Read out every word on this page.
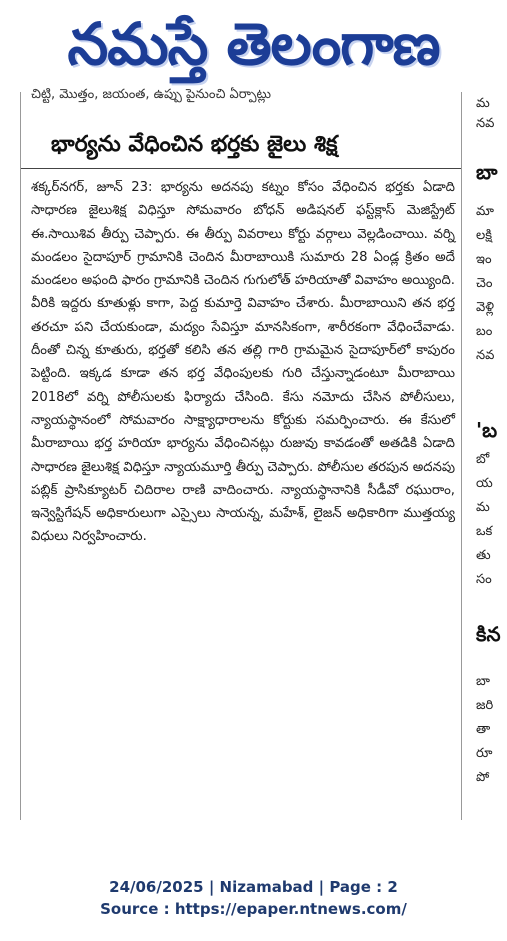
నమస్తే తెలంగాణ
చిట్టి, మొత్తం, జయంత, ఉప్పు పైనుంచి ఏర్పాట్లు
భార్యను వేధించిన భర్తకు జైలు శిక్ష

శక్కర్‌నగర్‌, జూన్‌ 23: భార్యను అదనపు కట్నం కోసం వేధించిన భర్తకు ఏడాది సాధారణ జైలుశిక్ష విధిస్తూ సోమవారం బోధన్‌ అడిషనల్‌ ఫస్ట్‌క్లాస్‌ మెజిస్ట్రేట్‌ ఈ.సాయిశివ తీర్పు చెప్పారు. ఈ తీర్పు వివరాలు కోర్టు వర్గాలు వెల్లడించాయి. వర్ని మండలం సైదాపూర్‌ గ్రామానికి చెందిన మీరాబాయికి సుమారు 28 ఏండ్ల క్రితం అదే మండలం అఫంది ఫారం గ్రామానికి చెందిన గుగులోత్‌ హరియాతో వివాహం అయ్యింది. వీరికి ఇద్దరు కూతుళ్లు కాగా, పెద్ద కుమార్తె వివాహం చేశారు. మీరాబాయిని తన భర్త తరచూ పని చేయకుండా, మద్యం సేవిస్తూ మానసికంగా, శారీరకంగా వేధించేవాడు. దీంతో చిన్న కూతురు, భర్తతో కలిసి తన తల్లి గారి గ్రామమైన సైదాపూర్‌లో కాపురం పెట్టింది. ఇక్కడ కూడా తన భర్త వేధింపులకు గురి చేస్తున్నాడంటూ మీరాబాయి 2018లో వర్ని పోలీసులకు ఫిర్యాదు చేసింది. కేసు నమోదు చేసిన పోలీసులు, న్యాయస్థానంలో సోమవారం సాక్ష్యాధారాలను కోర్టుకు సమర్పించారు. ఈ కేసులో మీరాబాయి భర్త హరియా భార్యను వేధించినట్లు రుజువు కావడంతో అతడికి ఏడాది సాధారణ జైలుశిక్ష విధిస్తూ న్యాయమూర్తి తీర్పు చెప్పారు. పోలీసుల తరపున అదనపు పబ్లిక్‌ ప్రాసిక్యూటర్‌ చిదిరాల రాణి వాదించారు. న్యాయస్థానానికి సీడీవో రఘురాం, ఇన్వెస్టిగేషన్‌ అధికారులుగా ఎస్సైలు సాయన్న, మహేశ్‌, లైజన్‌ అధికారిగా ముత్తయ్య విధులు నిర్వహించారు.

మ
నవ
బా
మా
లక్షి
ఇం
చెం
వెళ్లి
బం
నవ
'బ
బో
య
మ
ఒక
తు
సం
కిన
బా
జరి
తా
రూ
పో
24/06/2025 | Nizamabad | Page : 2
Source : https://epaper.ntnews.com/
